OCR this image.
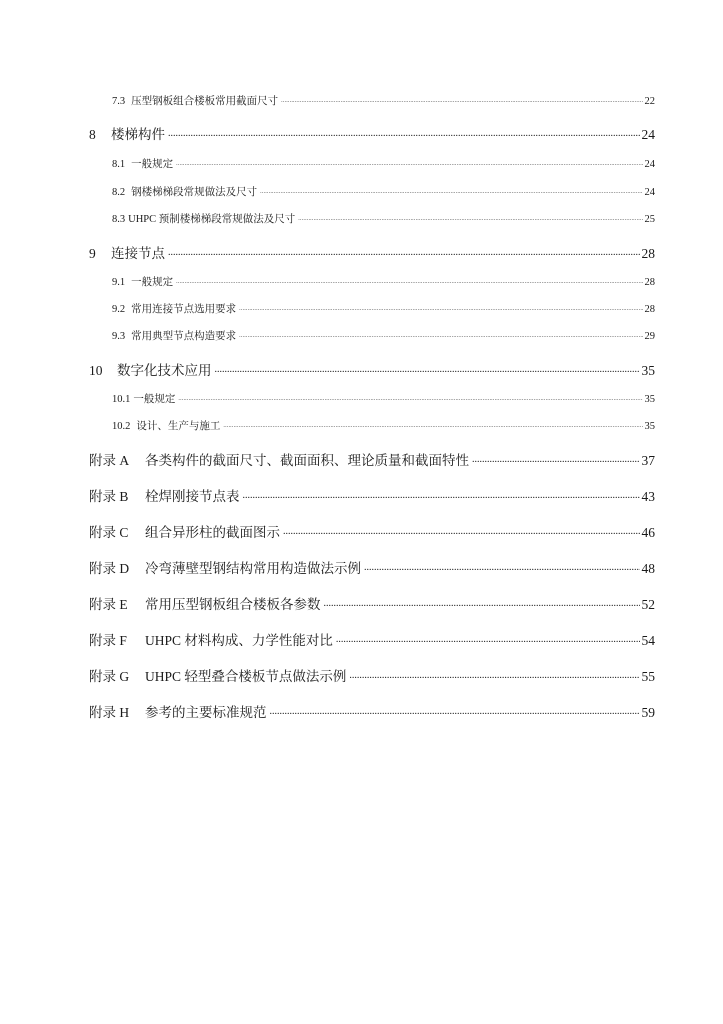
7.3 压型钢板组合楼板常用截面尺寸 .....	22
8	楼梯构件 .....	24
8.1 一般规定 .....	24
8.2 钢楼梯梯段常规做法及尺寸 .....	24
8.3 UHPC 预制楼梯梯段常规做法及尺寸 .....	25
9	连接节点 .....	28
9.1 一般规定 .....	28
9.2 常用连接节点选用要求 .....	28
9.3 常用典型节点构造要求 .....	29
10	数字化技术应用 .....	35
10.1 一般规定 .....	35
10.2 设计、生产与施工 .....	35
附录 A	各类构件的截面尺寸、截面面积、理论质量和截面特性 .....	37
附录 B	栓焊刚接节点表 .....	43
附录 C	组合异形柱的截面图示 .....	46
附录 D	冷弯薄壁型钢结构常用构造做法示例 .....	48
附录 E	常用压型钢板组合楼板各参数 .....	52
附录 F	UHPC 材料构成、力学性能对比 .....	54
附录 G	UHPC 轻型叠合楼板节点做法示例 .....	55
附录 H	参考的主要标准规范 .....	59
